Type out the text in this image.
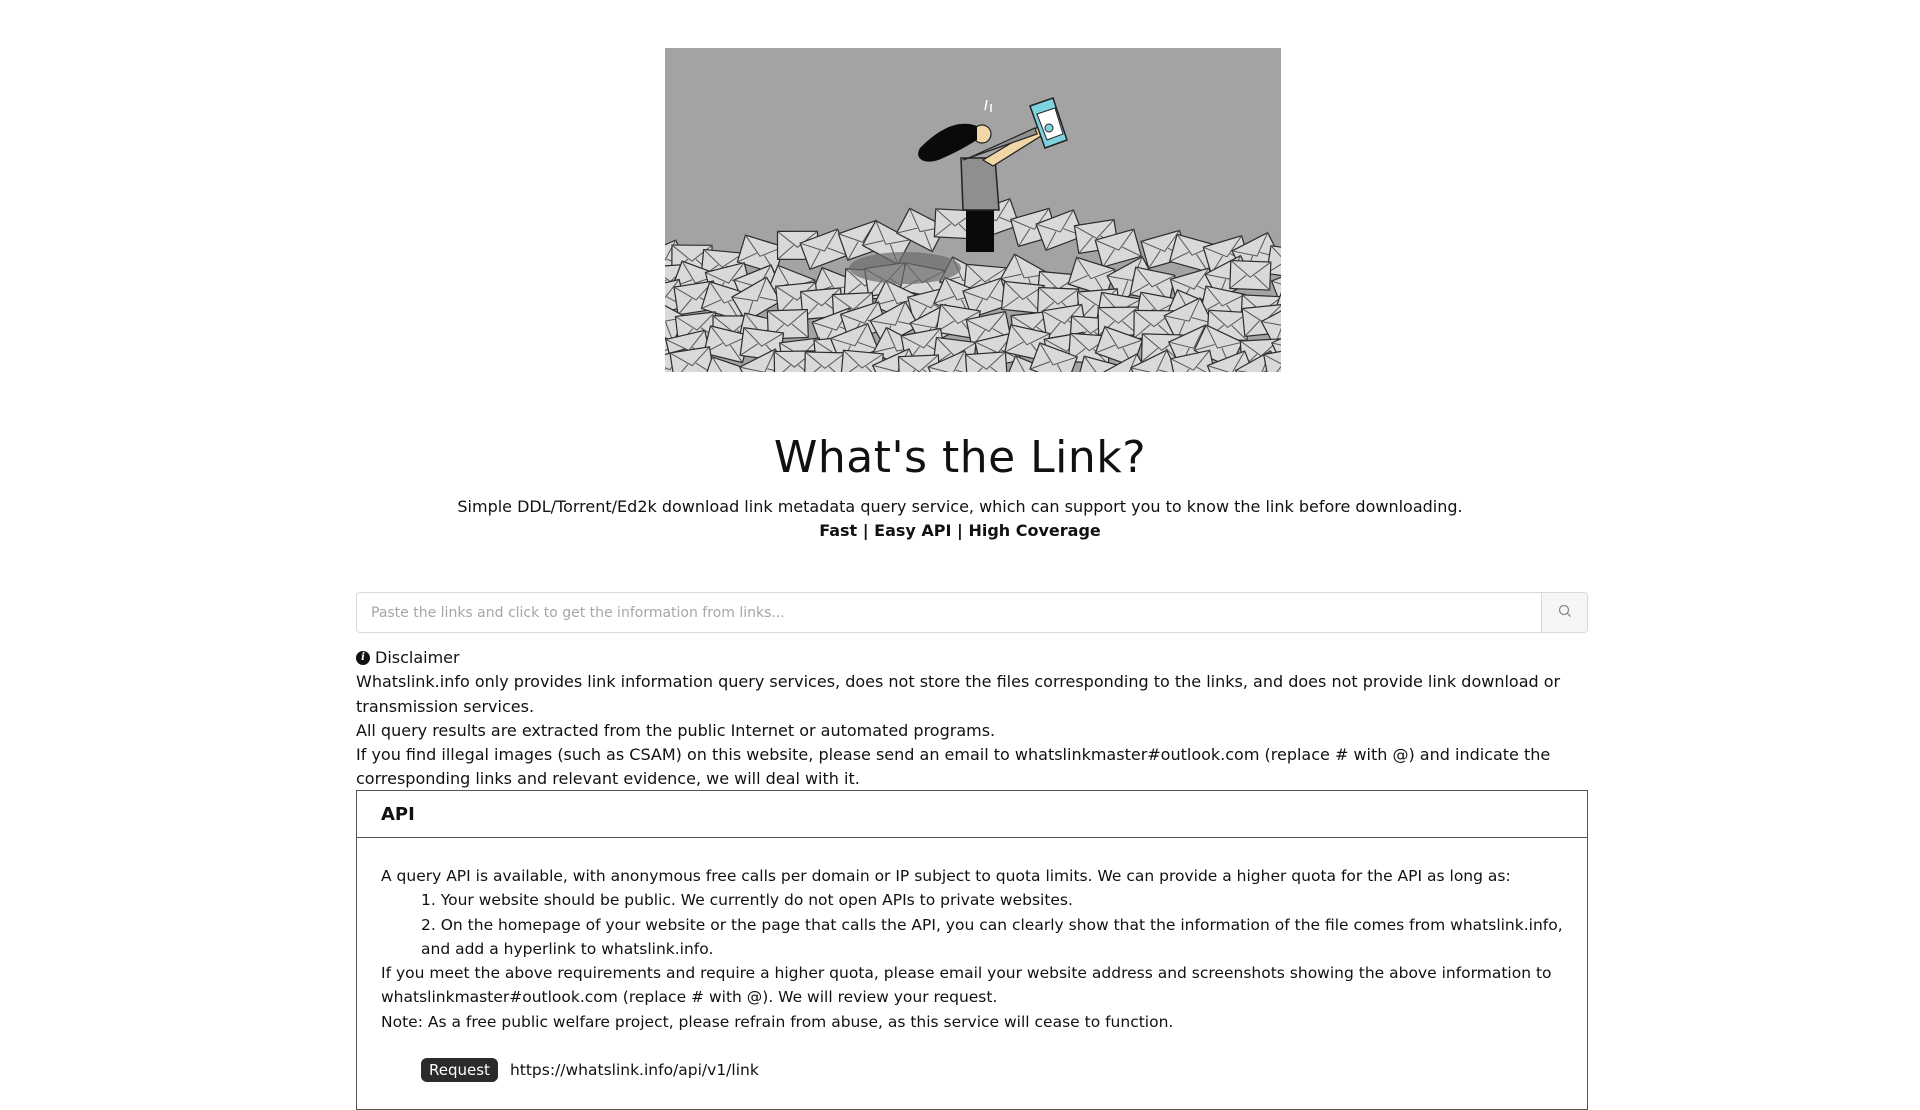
What's the Link?

Simple DDL/Torrent/Ed2k download link metadata query service, which can support you to know the link before downloading.

Fast | Easy API | High Coverage

Paste the links and click to get the information from links...
i Disclaimer

Whatslink.info only provides link information query services, does not store the files corresponding to the links, and does not provide link download or transmission services.

All query results are extracted from the public Internet or automated programs.

If you find illegal images (such as CSAM) on this website, please send an email to whatslinkmaster#outlook.com (replace # with @) and indicate the corresponding links and relevant evidence, we will deal with it.

API

A query API is available, with anonymous free calls per domain or IP subject to quota limits. We can provide a higher quota for the API as long as:

1. Your website should be public. We currently do not open APIs to private websites.
2. On the homepage of your website or the page that calls the API, you can clearly show that the information of the file comes from whatslink.info, and add a hyperlink to whatslink.info.

If you meet the above requirements and require a higher quota, please email your website address and screenshots showing the above information to whatslinkmaster#outlook.com (replace # with @). We will review your request.

Note: As a free public welfare project, please refrain from abuse, as this service will cease to function.

Request	https://whatslink.info/api/v1/link
